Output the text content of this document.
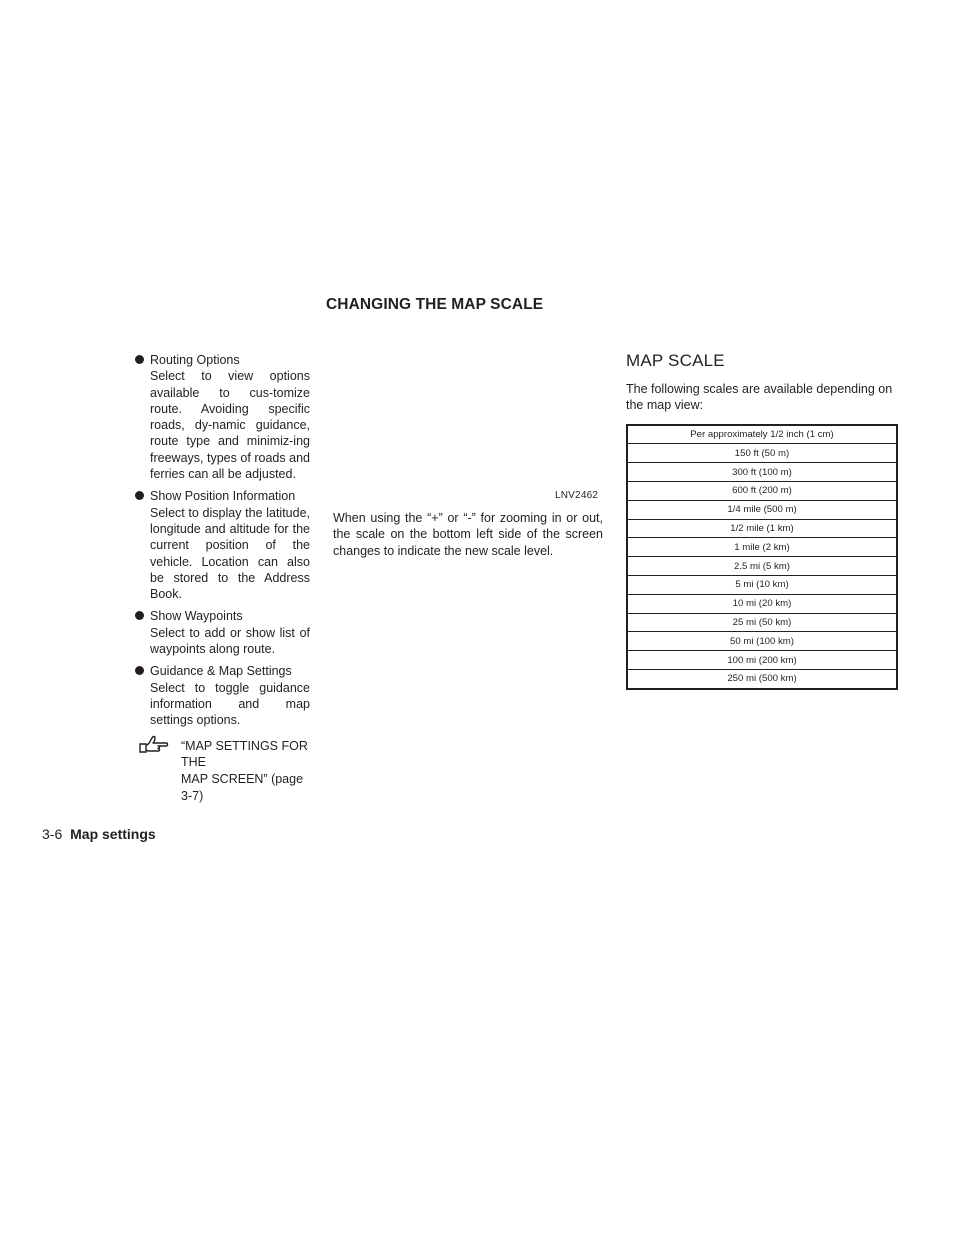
CHANGING THE MAP SCALE
Routing Options
Select to view options available to cus-tomize route. Avoiding specific roads, dy-namic guidance, route type and minimiz-ing freeways, types of roads and ferries can all be adjusted.
Show Position Information
Select to display the latitude, longitude and altitude for the current position of the vehicle. Location can also be stored to the Address Book.
Show Waypoints
Select to add or show list of waypoints along route.
Guidance & Map Settings
Select to toggle guidance information and map settings options.
“MAP SETTINGS FOR THE
MAP SCREEN” (page 3-7)
LNV2462

When using the “+” or “-” for zooming in or out, the scale on the bottom left side of the screen changes to indicate the new scale level.

MAP SCALE

The following scales are available depending on the map view:

Per approximately 1/2 inch (1 cm)
150 ft (50 m)
300 ft (100 m)
600 ft (200 m)
1/4 mile (500 m)
1/2 mile (1 km)
1 mile (2 km)
2.5 mi (5 km)
5 mi (10 km)
10 mi (20 km)
25 mi (50 km)
50 mi (100 km)
100 mi (200 km)
250 mi (500 km)
3-6 Map settings
